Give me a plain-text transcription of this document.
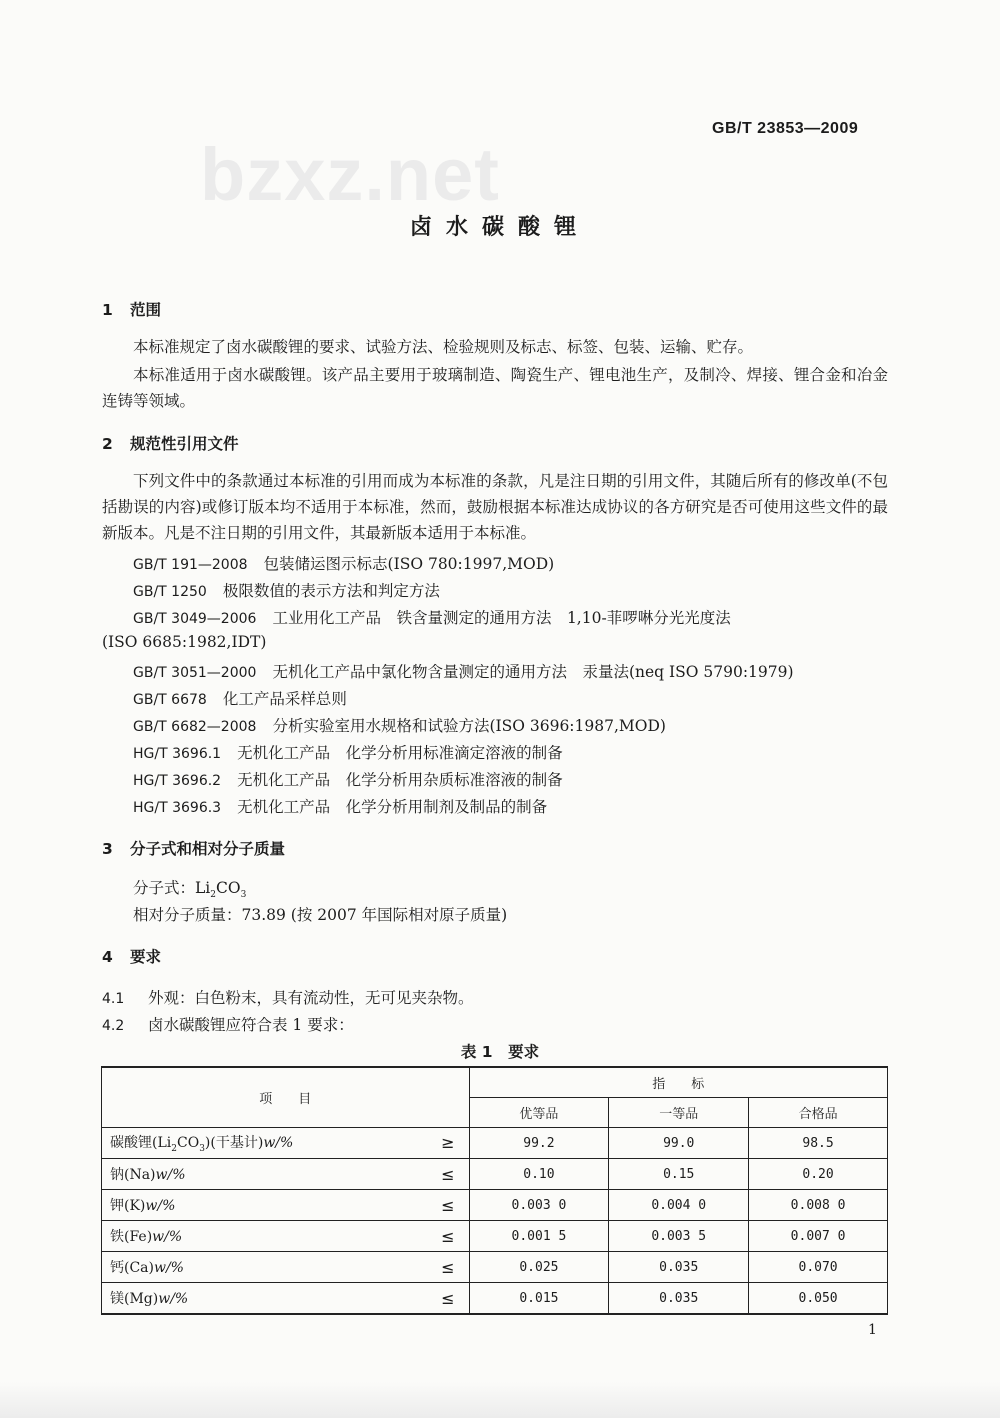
bzxz.net
GB/T 23853—2009
卤水碳酸锂
1 范围
本标准规定了卤水碳酸锂的要求、试验方法、检验规则及标志、标签、包装、运输、贮存。
本标准适用于卤水碳酸锂。该产品主要用于玻璃制造、陶瓷生产、锂电池生产，及制冷、焊接、锂合金和冶金连铸等领域。
2 规范性引用文件
下列文件中的条款通过本标准的引用而成为本标准的条款，凡是注日期的引用文件，其随后所有的修改单(不包括勘误的内容)或修订版本均不适用于本标准，然而，鼓励根据本标准达成协议的各方研究是否可使用这些文件的最新版本。凡是不注日期的引用文件，其最新版本适用于本标准。
GB/T 191—2008 包装储运图示标志(ISO 780:1997,MOD)
GB/T 1250 极限数值的表示方法和判定方法
GB/T 3049—2006 工业用化工产品　铁含量测定的通用方法　1,10-菲啰啉分光光度法
(ISO 6685:1982,IDT)
GB/T 3051—2000 无机化工产品中氯化物含量测定的通用方法　汞量法(neq ISO 5790:1979)
GB/T 6678 化工产品采样总则
GB/T 6682—2008 分析实验室用水规格和试验方法(ISO 3696:1987,MOD)
HG/T 3696.1 无机化工产品　化学分析用标准滴定溶液的制备
HG/T 3696.2 无机化工产品　化学分析用杂质标准溶液的制备
HG/T 3696.3 无机化工产品　化学分析用制剂及制品的制备
3 分子式和相对分子质量
分子式：$Li_2CO_3$
相对分子质量：73.89 (按 2007 年国际相对原子质量)
4 要求
4.1 外观：白色粉末，具有流动性，无可见夹杂物。
4.2 卤水碳酸锂应符合表 1 要求：
表 1　要求
项　　目	指　　标		
	优等品	一等品	合格品

碳酸锂$(Li_2CO_3)$(干基计)w/% ≥	99.2	99.0	98.5

钠(Na)w/% ≤	0.10	0.15	0.20

钾(K)w/% ≤	0.003 0	0.004 0	0.008 0

铁(Fe)w/% ≤	0.001 5	0.003 5	0.007 0

钙(Ca)w/% ≤	0.025	0.035	0.070

镁(Mg)w/% ≤	0.015	0.035	0.050
1
